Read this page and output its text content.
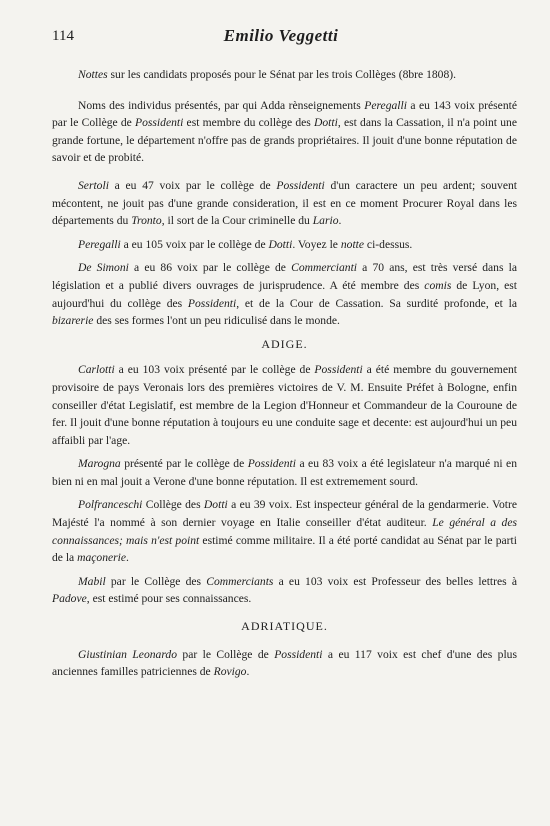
114	Emilio Veggetti

Nottes sur les candidats proposés pour le Sénat par les trois Collèges (8bre 1808).

Noms des individus présentés, par qui Adda rènseignements Peregalli a eu 143 voix présenté par le Collège de Possidenti est membre du collège des Dotti, est dans la Cassation, il n'a point une grande fortune, le département n'offre pas de grands propriétaires. Il jouit d'une bonne réputation de savoir et de probité.

Sertoli a eu 47 voix par le collège de Possidenti d'un caractere un peu ardent; souvent mécontent, ne jouit pas d'une grande consideration, il est en ce moment Procurer Royal dans les départements du Tronto, il sort de la Cour criminelle du Lario.

Peregalli a eu 105 voix par le collège de Dotti. Voyez le notte ci-dessus.

De Simoni a eu 86 voix par le collège de Commercianti a 70 ans, est très versé dans la législation et a publié divers ouvrages de jurisprudence. A été membre des comis de Lyon, est aujourd'hui du collège des Possidenti, et de la Cour de Cassation. Sa surdité profonde, et la bizarerie des ses formes l'ont un peu ridiculisé dans le monde.

ADIGE.

Carlotti a eu 103 voix présenté par le collège de Possidenti a été membre du gouvernement provisoire de pays Veronais lors des premières victoires de V. M. Ensuite Préfet à Bologne, enfin conseiller d'état Legislatif, est membre de la Legion d'Honneur et Commandeur de la Couroune de fer. Il jouit d'une bonne réputation à toujours eu une conduite sage et decente: est aujourd'hui un peu affaibli par l'age.

Marogna présenté par le collège de Possidenti a eu 83 voix a été legislateur n'a marqué ni en bien ni en mal jouit a Verone d'une bonne réputation. Il est extremement sourd.

Polfranceschi Collège des Dotti a eu 39 voix. Est inspecteur général de la gendarmerie. Votre Majésté l'a nommé à son dernier voyage en Italie conseiller d'état auditeur. Le général a des connaissances; mais n'est point estimé comme militaire. Il a été porté candidat au Sénat par le parti de la maçonerie.

Mabil par le Collège des Commerciants a eu 103 voix est Professeur des belles lettres à Padove, est estimé pour ses connaissances.

ADRIATIQUE.

Giustinian Leonardo par le Collège de Possidenti a eu 117 voix est chef d'une des plus anciennes familles patriciennes de Rovigo.
